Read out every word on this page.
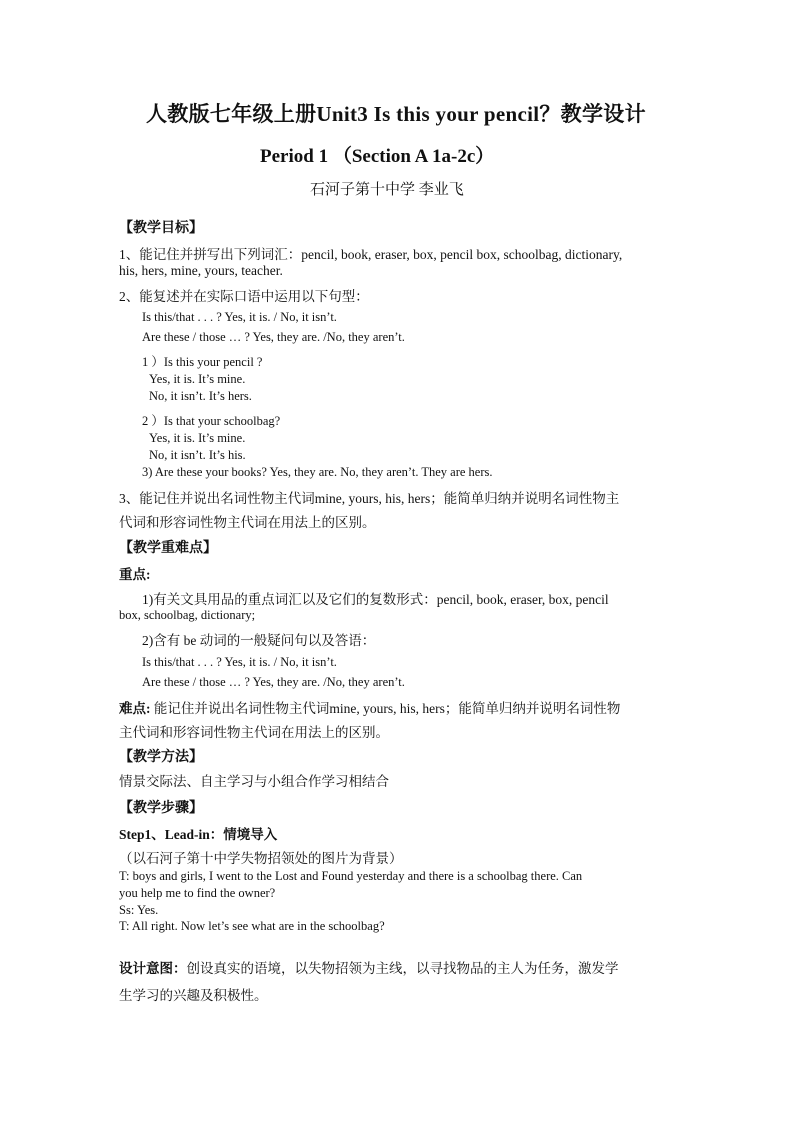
人教版七年级上册Unit3 Is this your pencil？教学设计
Period 1 （Section A 1a-2c）
石河子第十中学 李业飞
【教学目标】
1、能记住并拼写出下列词汇：pencil, book, eraser, box, pencil box, schoolbag, dictionary,
his, hers, mine, yours, teacher.
2、能复述并在实际口语中运用以下句型：
Is this/that . . . ? Yes, it is. / No, it isn’t.
Are these / those … ? Yes, they are. /No, they aren’t.
1 ）Is this your pencil ?
Yes, it is. It’s mine.
No, it isn’t. It’s hers.
2 ）Is that your schoolbag?
Yes, it is. It’s mine.
No, it isn’t. It’s his.
3) Are these your books? Yes, they are. No, they aren’t. They are hers.
3、能记住并说出名词性物主代词mine, yours, his, hers；能简单归纳并说明名词性物主
代词和形容词性物主代词在用法上的区别。
【教学重难点】
重点:
1)有关文具用品的重点词汇以及它们的复数形式：pencil, book, eraser, box, pencil
box, schoolbag, dictionary;
2)含有 be 动词的一般疑问句以及答语：
Is this/that . . . ? Yes, it is. / No, it isn’t.
Are these / those … ? Yes, they are. /No, they aren’t.
难点: 能记住并说出名词性物主代词mine, yours, his, hers；能简单归纳并说明名词性物
主代词和形容词性物主代词在用法上的区别。
【教学方法】
情景交际法、自主学习与小组合作学习相结合
【教学步骤】
Step1、Lead-in：情境导入
（以石河子第十中学失物招领处的图片为背景）
T: boys and girls, I went to the Lost and Found yesterday and there is a schoolbag there. Can
you help me to find the owner?
Ss: Yes.
T: All right. Now let’s see what are in the schoolbag?
设计意图：创设真实的语境，以失物招领为主线，以寻找物品的主人为任务，激发学
生学习的兴趣及积极性。
